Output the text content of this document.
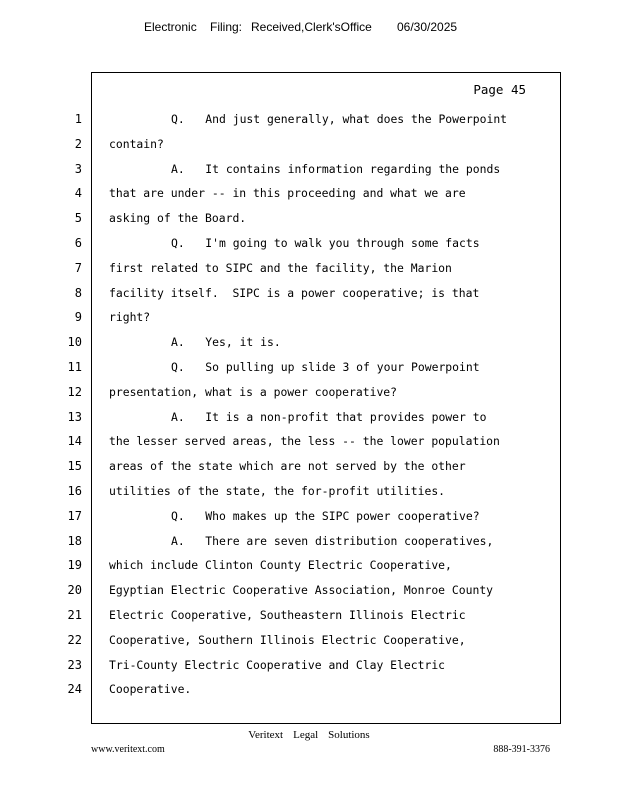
Electronic Filing: Received,Clerk'sOffice 06/30/2025
Page 45
1	Q.   And just generally, what does the Powerpoint
2 contain?
3	A.   It contains information regarding the ponds
4 that are under -- in this proceeding and what we are
5 asking of the Board.
6	Q.   I'm going to walk you through some facts
7 first related to SIPC and the facility, the Marion
8 facility itself.  SIPC is a power cooperative; is that
9 right?
10	A.   Yes, it is.
11	Q.   So pulling up slide 3 of your Powerpoint
12 presentation, what is a power cooperative?
13	A.   It is a non-profit that provides power to
14 the lesser served areas, the less -- the lower population
15 areas of the state which are not served by the other
16 utilities of the state, the for-profit utilities.
17	Q.   Who makes up the SIPC power cooperative?
18	A.   There are seven distribution cooperatives,
19 which include Clinton County Electric Cooperative,
20 Egyptian Electric Cooperative Association, Monroe County
21 Electric Cooperative, Southeastern Illinois Electric
22 Cooperative, Southern Illinois Electric Cooperative,
23 Tri-County Electric Cooperative and Clay Electric
24 Cooperative.
Veritext Legal Solutions
www.veritext.com	888-391-3376
